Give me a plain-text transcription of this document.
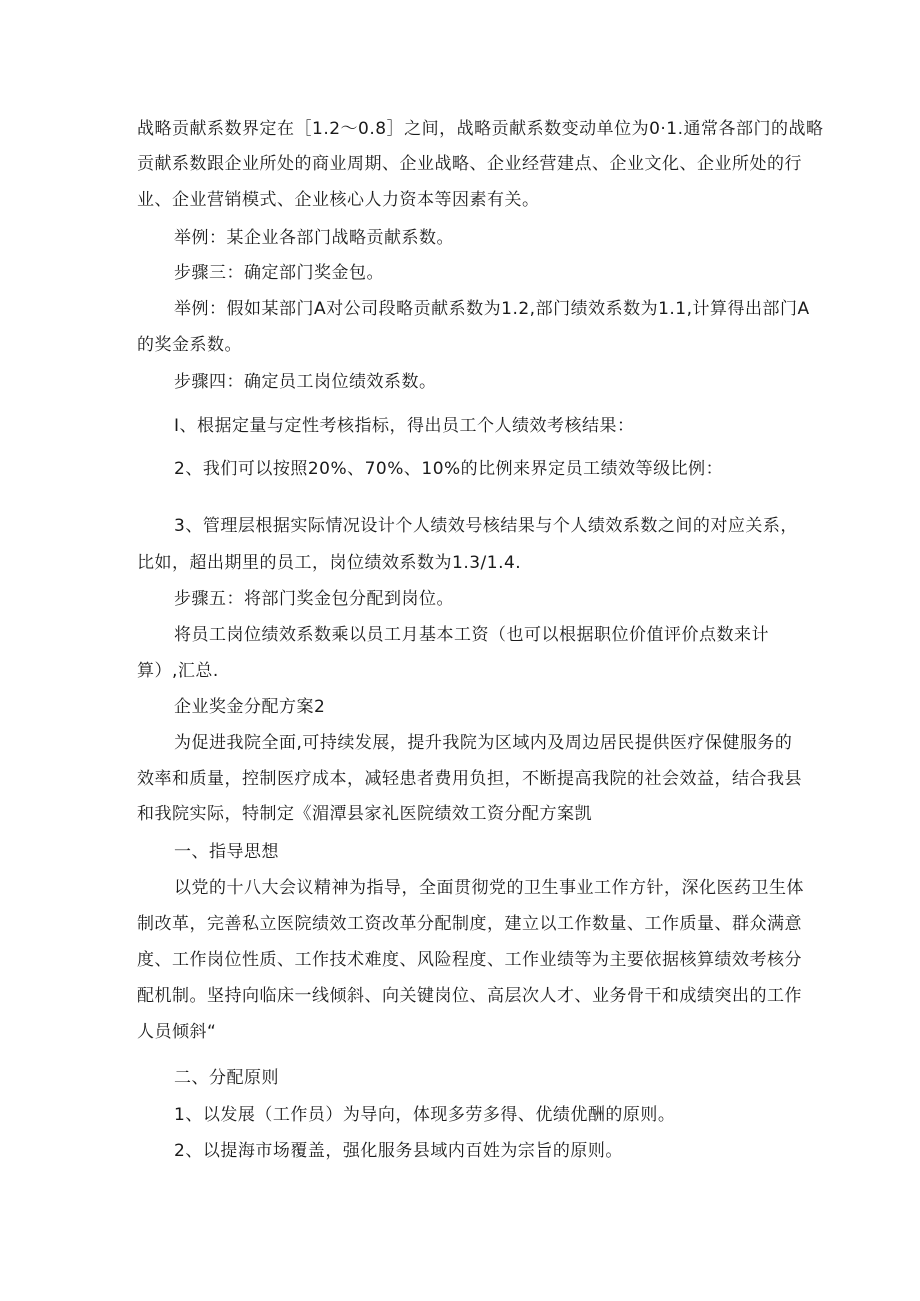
战略贡献系数界定在［1.2～0.8］之间，战略贡献系数变动单位为0·1.通常各部门的战略
贡献系数跟企业所处的商业周期、企业战略、企业经营建点、企业文化、企业所处的行
业、企业营销模式、企业核心人力资本等因素有关。
举例：某企业各部门战略贡献系数。
步骤三：确定部门奖金包。
举例：假如某部门A对公司段略贡献系数为1.2,部门绩效系数为1.1,计算得出部门A
的奖金系数。
步骤四：确定员工岗位绩效系数。
I、根据定量与定性考核指标，得出员工个人绩效考核结果：
2、我们可以按照20%、70%、10%的比例来界定员工绩效等级比例：
3、管理层根据实际情况设计个人绩效号核结果与个人绩效系数之间的对应关系，
比如，超出期里的员工，岗位绩效系数为1.3/1.4.
步骤五：将部门奖金包分配到岗位。
将员工岗位绩效系数乘以员工月基本工资（也可以根据职位价值评价点数来计
算）,汇总.
企业奖金分配方案2
为促进我院全面,可持续发展，提升我院为区域内及周边居民提供医疗保健服务的
效率和质量，控制医疗成本，减轻患者费用负担，不断提高我院的社会效益，结合我县
和我院实际，特制定《湄潭县家礼医院绩效工资分配方案凯
一、指导思想
以党的十八大会议精神为指导，全面贯彻党的卫生事业工作方针，深化医药卫生体
制改革，完善私立医院绩效工资改革分配制度，建立以工作数量、工作质量、群众满意
度、工作岗位性质、工作技术难度、风险程度、工作业绩等为主要依据核算绩效考核分
配机制。坚持向临床一线倾斜、向关键岗位、高层次人才、业务骨干和成绩突出的工作
人员倾斜“
二、分配原则
1、以发展（工作员）为导向，体现多劳多得、优绩优酬的原则。
2、以提海市场覆盖，强化服务县域内百姓为宗旨的原则。
